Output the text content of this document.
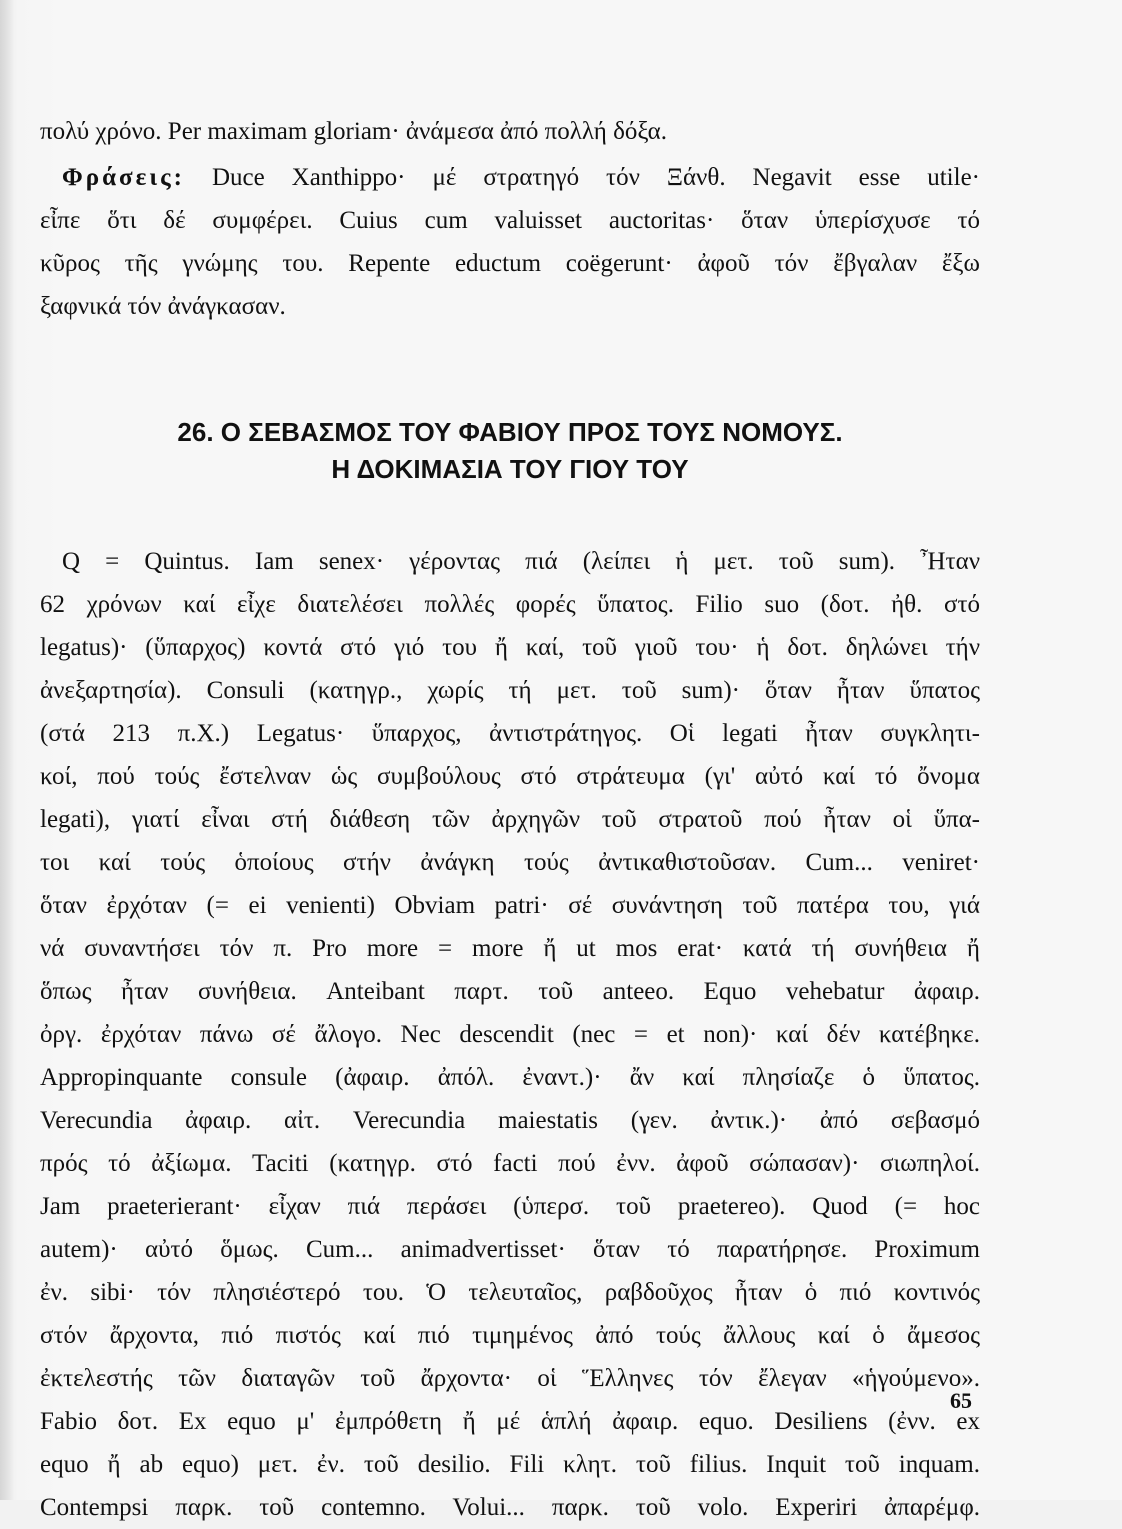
πολύ χρόνο. Per maximam gloriam· ἀνάμεσα ἀπό πολλή δόξα.
Φράσεις: Duce Xanthippo· μέ στρατηγό τόν Ξάνθ. Negavit esse utile·
εἶπε ὅτι δέ συμφέρει. Cuius cum valuisset auctoritas· ὅταν ὑπερίσχυσε τό
κῦρος τῆς γνώμης του. Repente eductum coëgerunt· ἀφοῦ τόν ἔβγαλαν ἔξω
ξαφνικά τόν ἀνάγκασαν.
26. Ο ΣΕΒΑΣΜΟΣ ΤΟΥ ΦΑΒΙΟΥ ΠΡΟΣ ΤΟΥΣ ΝΟΜΟΥΣ.
Η ΔΟΚΙΜΑΣΙΑ ΤΟΥ ΓΙΟΥ ΤΟΥ
Q = Quintus. Iam senex· γέροντας πιά (λείπει ἡ μετ. τοῦ sum). Ἦταν
62 χρόνων καί εἶχε διατελέσει πολλές φορές ὕπατος. Filio suo (δοτ. ἠθ. στό
legatus)· (ὕπαρχος) κοντά στό γιό του ἤ καί, τοῦ γιοῦ του· ἡ δοτ. δηλώνει τήν
ἀνεξαρτησία). Consuli (κατηγρ., χωρίς τή μετ. τοῦ sum)· ὅταν ἦταν ὕπατος
(στά 213 π.Χ.) Legatus· ὕπαρχος, ἀντιστράτηγος. Οἱ legati ἦταν συγκλητι-
κοί, πού τούς ἔστελναν ὡς συμβούλους στό στράτευμα (γι' αὐτό καί τό ὄνομα
legati), γιατί εἶναι στή διάθεση τῶν ἀρχηγῶν τοῦ στρατοῦ πού ἦταν οἱ ὕπα-
τοι καί τούς ὁποίους στήν ἀνάγκη τούς ἀντικαθιστοῦσαν. Cum... veniret·
ὅταν ἐρχόταν (= ei venienti) Obviam patri· σέ συνάντηση τοῦ πατέρα του, γιά
νά συναντήσει τόν π. Pro more = more ἤ ut mos erat· κατά τή συνήθεια ἤ
ὅπως ἦταν συνήθεια. Anteibant παρτ. τοῦ anteeo. Equo vehebatur ἀφαιρ.
ὀργ. ἐρχόταν πάνω σέ ἄλογο. Nec descendit (nec = et non)· καί δέν κατέβηκε.
Appropinquante consule (ἀφαιρ. ἀπόλ. ἐναντ.)· ἄν καί πλησίαζε ὁ ὕπατος.
Verecundia ἀφαιρ. αἰτ. Verecundia maiestatis (γεν. ἀντικ.)· ἀπό σεβασμό
πρός τό ἀξίωμα. Taciti (κατηγρ. στό facti πού ἐνν. ἀφοῦ σώπασαν)· σιωπηλοί.
Jam praeterierant· εἶχαν πιά περάσει (ὑπερσ. τοῦ praetereo). Quod (= hoc
autem)· αὐτό ὅμως. Cum... animadvertisset· ὅταν τό παρατήρησε. Proximum
ἐν. sibi· τόν πλησιέστερό του. Ὁ τελευταῖος, ραβδοῦχος ἦταν ὁ πιό κοντινός
στόν ἄρχοντα, πιό πιστός καί πιό τιμημένος ἀπό τούς ἄλλους καί ὁ ἄμεσος
ἐκτελεστής τῶν διαταγῶν τοῦ ἄρχοντα· οἱ Ἕλληνες τόν ἔλεγαν «ἡγούμενο».
Fabio δοτ. Ex equo μ' ἐμπρόθετη ἤ μέ ἁπλή ἀφαιρ. equo. Desiliens (ἐνν. ex
equo ἤ ab equo) μετ. ἐν. τοῦ desilio. Fili κλητ. τοῦ filius. Inquit τοῦ inquam.
Contempsi παρκ. τοῦ contemno. Volui... παρκ. τοῦ volo. Experiri ἀπαρέμφ.
65
